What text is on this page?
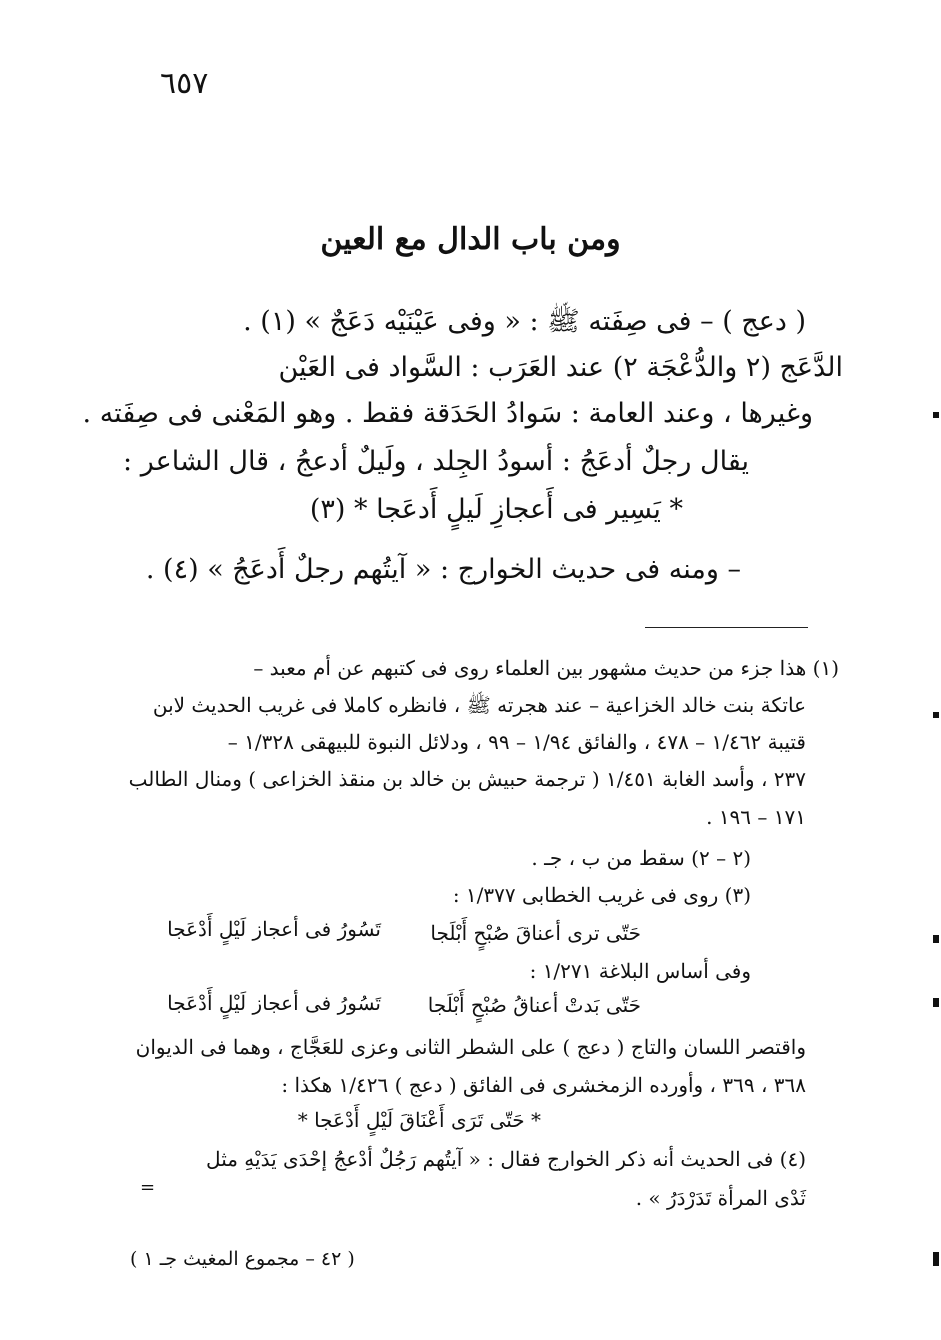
٦٥٧
ومن باب الدال مع العين
( دعج ) – فى صِفَته ﷺ : « وفى عَيْنَيْه دَعَجٌ » (١) .
الدَّعَج (٢ والدُّعْجَة ٢) عند العَرَب : السَّواد فى العَيْن
وغيرها ، وعند العامة : سَوادُ الحَدَقة فقط . وهو المَعْنى فى صِفَته .
يقال رجلٌ أدعَجُ : أسودُ الجِلد ، ولَيلٌ أدعجُ ، قال الشاعر :
* يَسِير فى أَعجازِ لَيلٍ أَدعَجا * (٣)
– ومنه فى حديث الخوارج : « آيتُهم رجلٌ أَدعَجُ » (٤) .
(١) هذا جزء من حديث مشهور بين العلماء روى فى كتبهم عن أم معبد –
عاتكة بنت خالد الخزاعية – عند هجرته ﷺ ، فانظره كاملا فى غريب الحديث لابن
قتيبة ١/٤٦٢ – ٤٧٨ ، والفائق ١/٩٤ – ٩٩ ، ودلائل النبوة للبيهقى ١/٣٢٨ –
٢٣٧ ، وأسد الغابة ١/٤٥١ ( ترجمة حبيش بن خالد بن منقذ الخزاعى ) ومنال الطالب
١٧١ – ١٩٦ .
(٢ – ٢) سقط من ب ، جـ .
(٣) روى فى غريب الخطابى ١/٣٧٧ :
حَتّى ترى أعناقَ صُبْحٍ أَبْلَجا
تَسُورُ فى أعجاز لَيْلٍ أَدْعَجا
وفى أساس البلاغة ١/٢٧١ :
حَتّى بَدتْ أعناقُ صُبْحٍ أَبْلَجا
تَسُورُ فى أعجاز لَيْلٍ أَدْعَجا
واقتصر اللسان والتاج ( دعج ) على الشطر الثانى وعزى للعَجَّاج ، وهما فى الديوان
٣٦٨ ، ٣٦٩ ، وأورده الزمخشرى فى الفائق ( دعج ) ١/٤٢٦ هكذا :
* حَتّى تَرَى أَعْنَاقَ لَيْلٍ أَدْعَجا *
(٤) فى الحديث أنه ذكر الخوارج فقال : « آيتُهم رَجُلٌ أدْعجُ إحْدَى يَدَيْهِ مثل
=	ثَدْى المرأة تَدَرْدَرُ » .
( ٤٢ – مجموع المغيث جـ ١ )
